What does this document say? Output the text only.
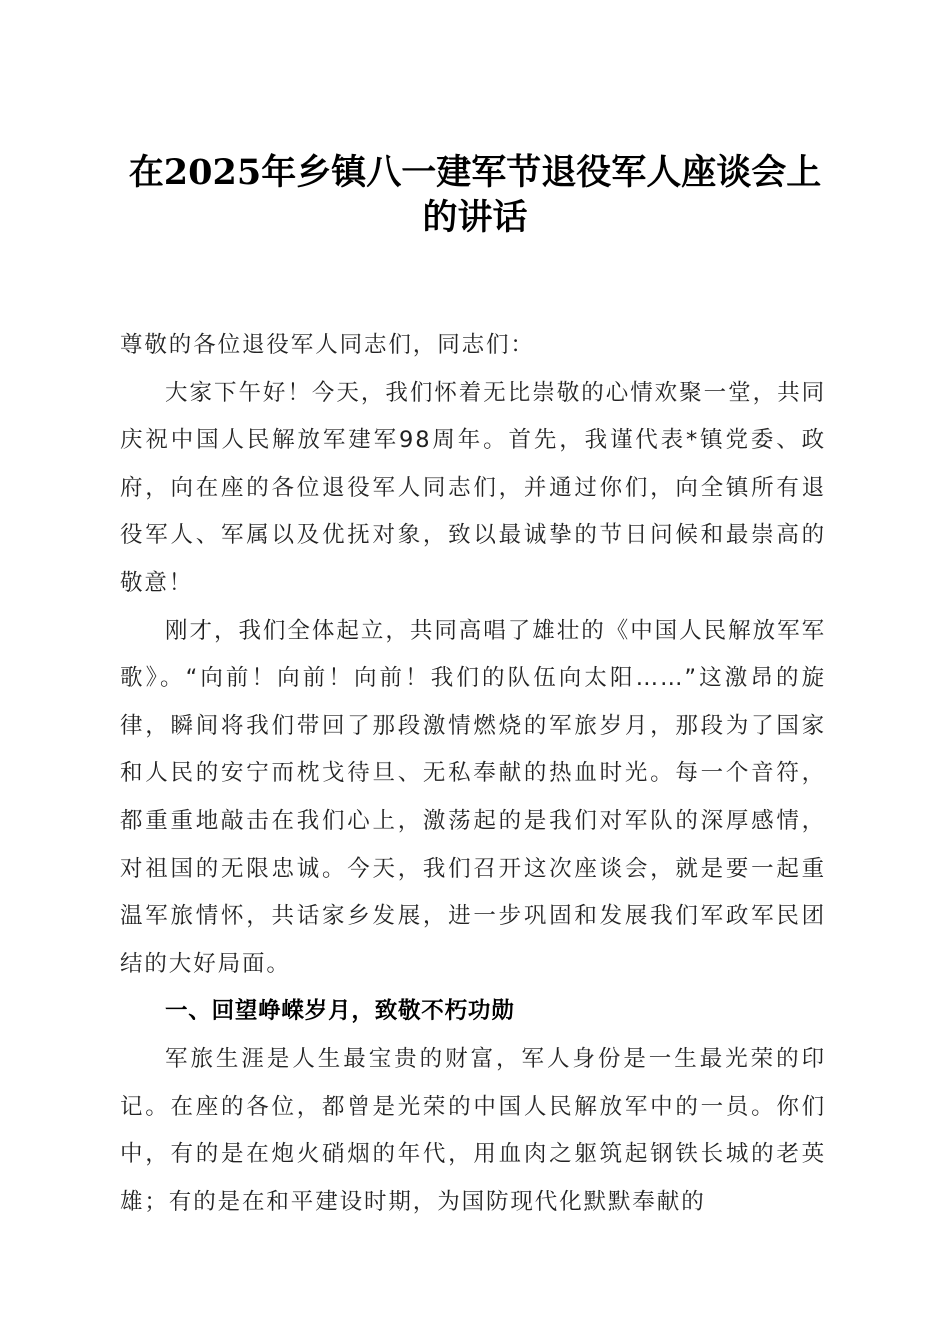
在2025年乡镇八一建军节退役军人座谈会上的讲话

尊敬的各位退役军人同志们，同志们：

大家下午好！今天，我们怀着无比崇敬的心情欢聚一堂，共同庆祝中国人民解放军建军98周年。首先，我谨代表*镇党委、政府，向在座的各位退役军人同志们，并通过你们，向全镇所有退役军人、军属以及优抚对象，致以最诚挚的节日问候和最崇高的敬意！

刚才，我们全体起立，共同高唱了雄壮的《中国人民解放军军歌》。“向前！向前！向前！我们的队伍向太阳……”这激昂的旋律，瞬间将我们带回了那段激情燃烧的军旅岁月，那段为了国家和人民的安宁而枕戈待旦、无私奉献的热血时光。每一个音符，都重重地敲击在我们心上，激荡起的是我们对军队的深厚感情，对祖国的无限忠诚。今天，我们召开这次座谈会，就是要一起重温军旅情怀，共话家乡发展，进一步巩固和发展我们军政军民团结的大好局面。

一、回望峥嵘岁月，致敬不朽功勋

军旅生涯是人生最宝贵的财富，军人身份是一生最光荣的印记。在座的各位，都曾是光荣的中国人民解放军中的一员。你们中，有的是在炮火硝烟的年代，用血肉之躯筑起钢铁长城的老英雄；有的是在和平建设时期，为国防现代化默默奉献的
